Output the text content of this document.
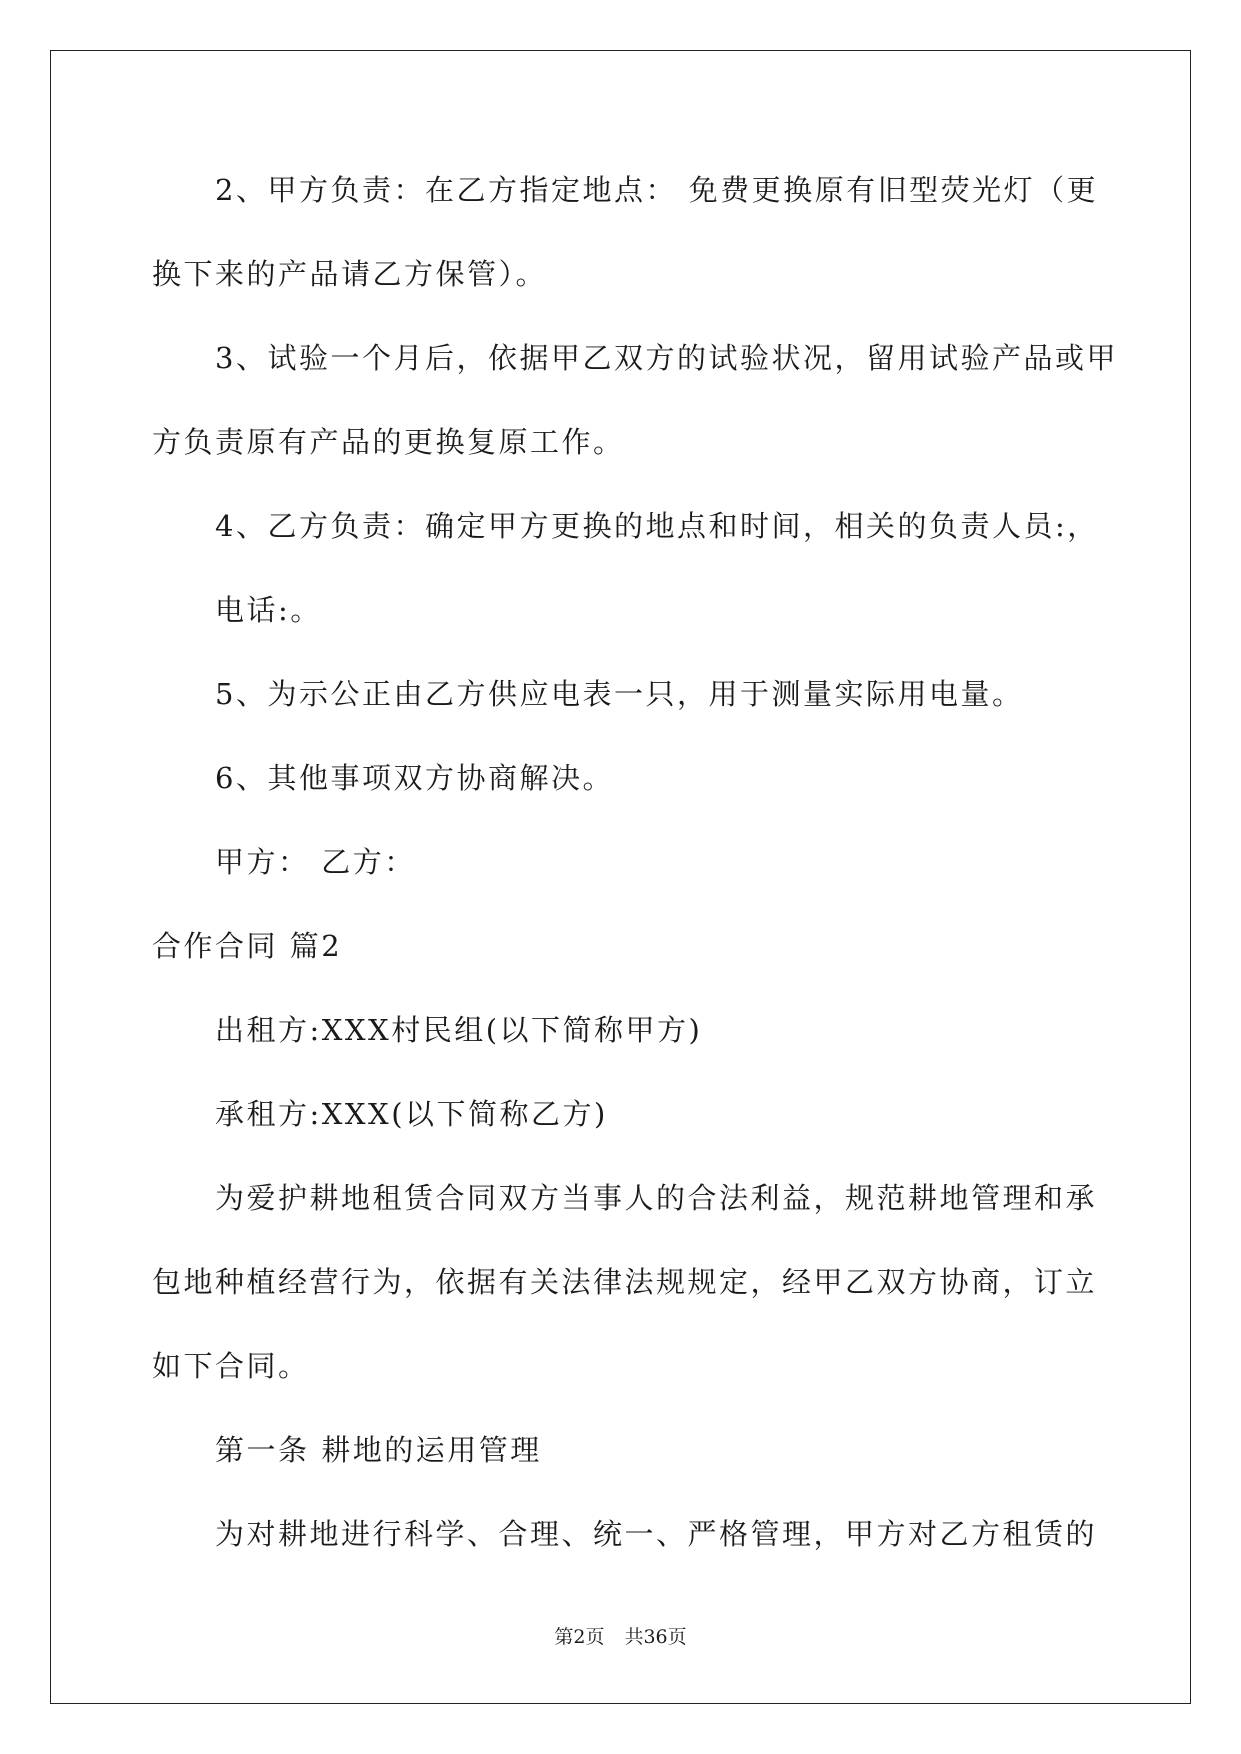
2、甲方负责：在乙方指定地点： 免费更换原有旧型荧光灯（更
换下来的产品请乙方保管）。
3、试验一个月后，依据甲乙双方的试验状况，留用试验产品或甲
方负责原有产品的更换复原工作。
4、乙方负责：确定甲方更换的地点和时间，相关的负责人员:，
电话:。
5、为示公正由乙方供应电表一只，用于测量实际用电量。
6、其他事项双方协商解决。
甲方： 乙方：
合作合同 篇2
出租方:XXX村民组(以下简称甲方)
承租方:XXX(以下简称乙方)
为爱护耕地租赁合同双方当事人的合法利益，规范耕地管理和承
包地种植经营行为，依据有关法律法规规定，经甲乙双方协商，订立
如下合同。
第一条 耕地的运用管理
为对耕地进行科学、合理、统一、严格管理，甲方对乙方租赁的
第2页 共36页
